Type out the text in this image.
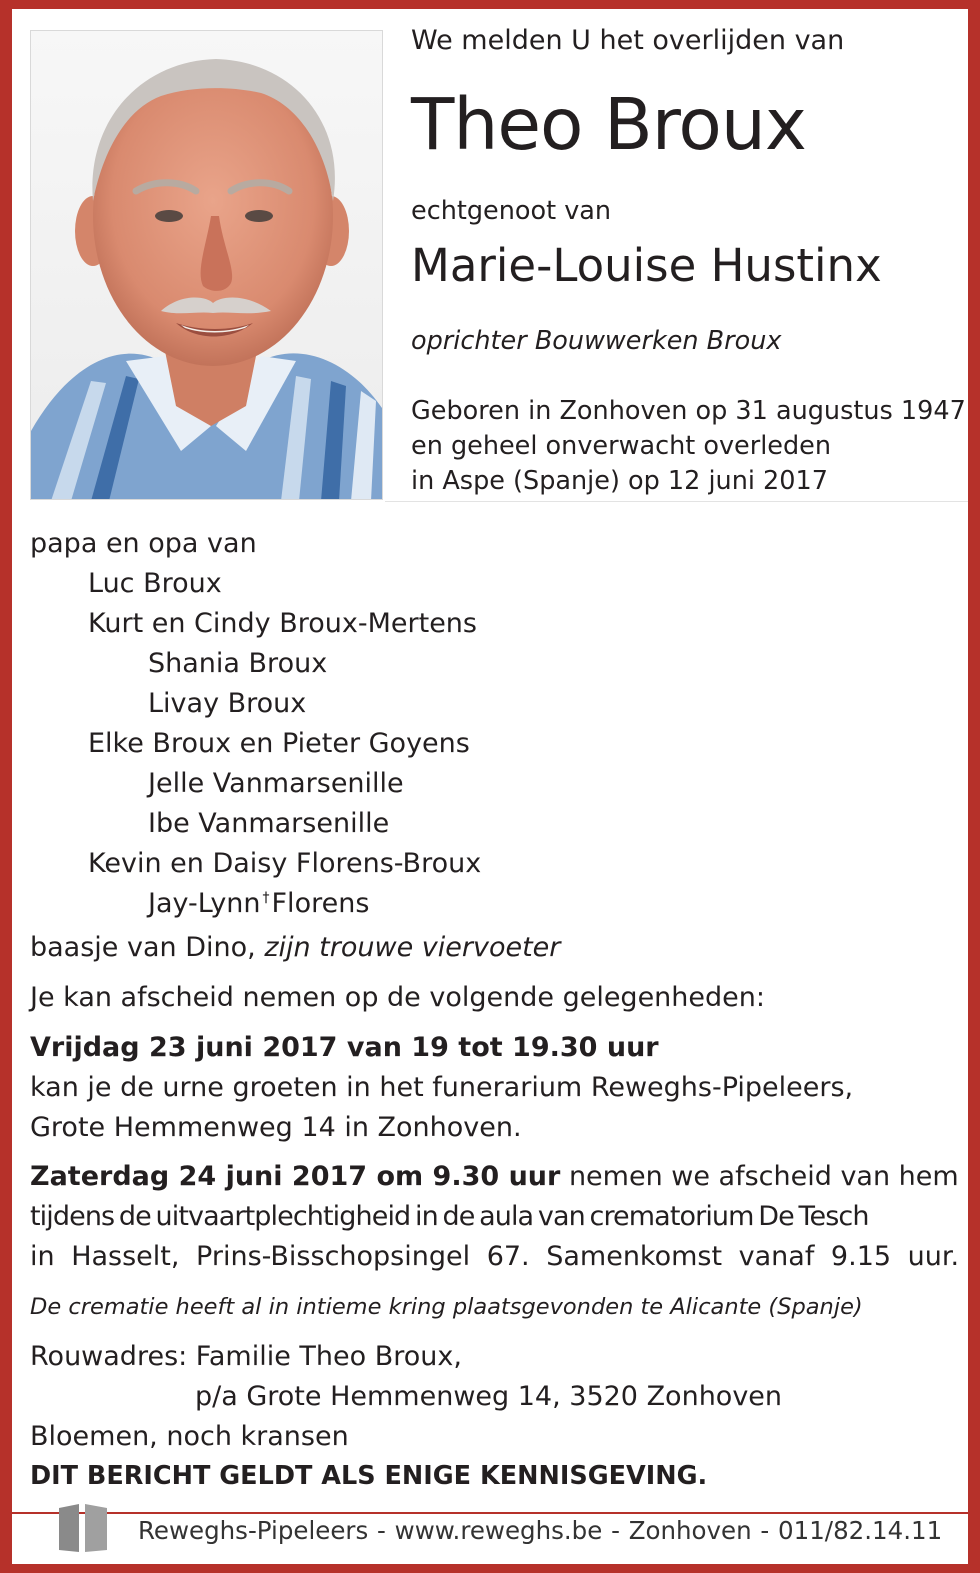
We melden U het overlijden van
Theo Broux
echtgenoot van
Marie-Louise Hustinx
oprichter Bouwwerken Broux
Geboren in Zonhoven op 31 augustus 1947
en geheel onverwacht overleden
in Aspe (Spanje) op 12 juni 2017
papa en opa van
Luc Broux
Kurt en Cindy Broux-Mertens
Shania Broux
Livay Broux
Elke Broux en Pieter Goyens
Jelle Vanmarsenille
Ibe Vanmarsenille
Kevin en Daisy Florens-Broux
Jay-Lynn †Florens
baasje van Dino, zijn trouwe viervoeter
Je kan afscheid nemen op de volgende gelegenheden:
Vrijdag 23 juni 2017 van 19 tot 19.30 uur
kan je de urne groeten in het funerarium Reweghs-Pipeleers,
Grote Hemmenweg 14 in Zonhoven.
Zaterdag 24 juni 2017 om 9.30 uur nemen we afscheid van hem
tijdens de uitvaartplechtigheid in de aula van crematorium De Tesch
in Hasselt, Prins-Bisschopsingel 67. Samenkomst vanaf 9.15 uur.
De crematie heeft al in intieme kring plaatsgevonden te Alicante (Spanje)
Rouwadres: Familie Theo Broux,
p/a Grote Hemmenweg 14, 3520 Zonhoven
Bloemen, noch kransen
DIT BERICHT GELDT ALS ENIGE KENNISGEVING.
Reweghs-Pipeleers - www.reweghs.be - Zonhoven - 011/82.14.11
